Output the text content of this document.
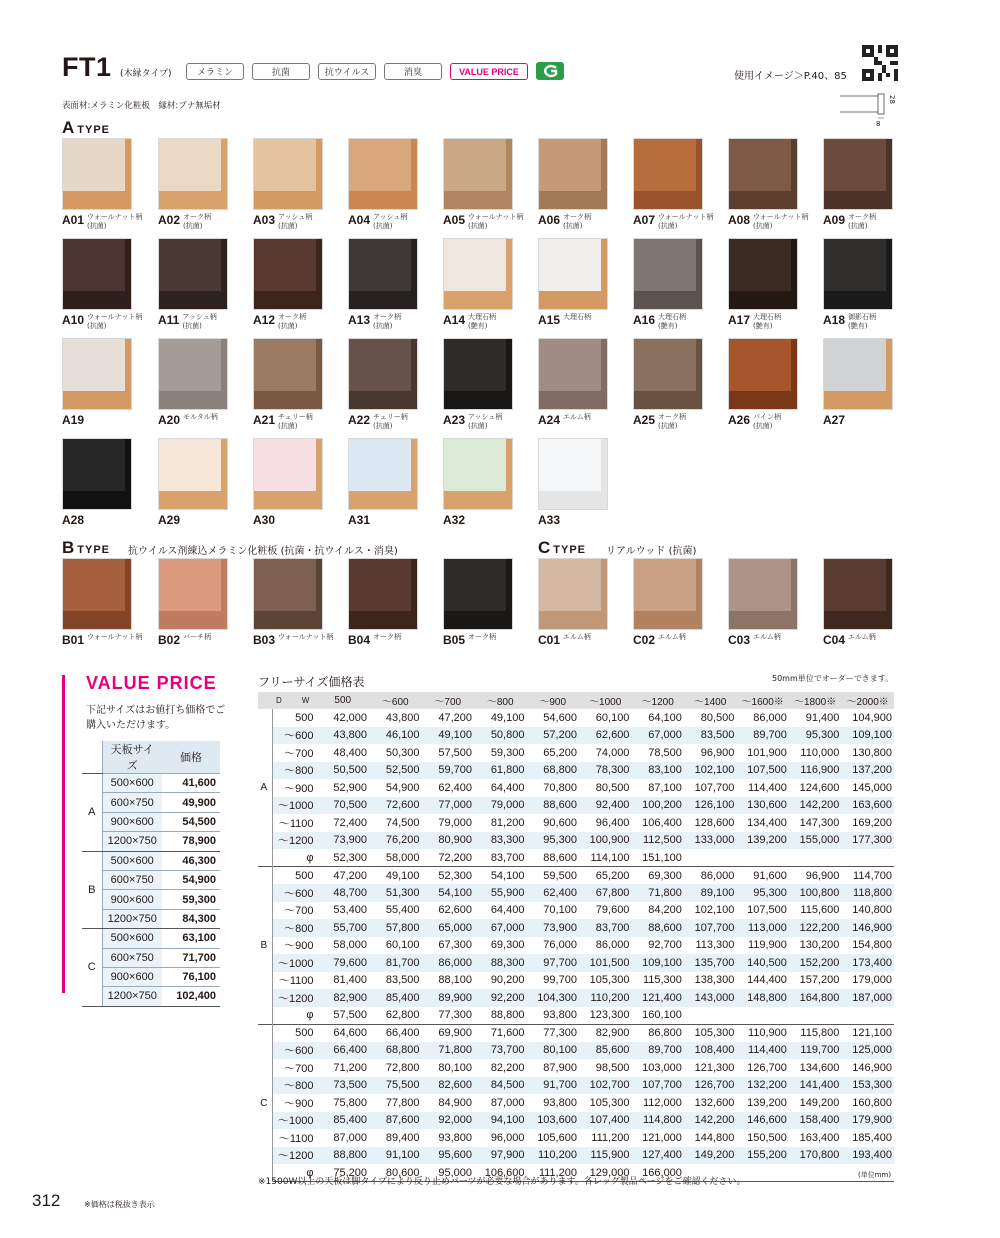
FT1 (木縁タイプ)	メラミン	抗菌	抗ウイルス	消臭	VALUE PRICE	使用イメージ＞P.40、85
28
8
表面材:メラミン化粧板　縁材:ブナ無垢材
ATYPE
BTYPE 抗ウイルス剤練込メラミン化粧板 (抗菌・抗ウイルス・消臭)	CTYPE リアルウッド (抗菌)
A01 ウォールナット柄
(抗菌)	A02 オーク柄
(抗菌)	A03 アッシュ柄
(抗菌)	A04 アッシュ柄
(抗菌)	A05 ウォールナット柄
(抗菌)	A06 オーク柄
(抗菌)	A07 ウォールナット柄
(抗菌)	A08 ウォールナット柄
(抗菌)	A09 オーク柄
(抗菌)
A10 ウォールナット柄
(抗菌)	A11 アッシュ柄
(抗菌)	A12 オーク柄
(抗菌)	A13 オーク柄
(抗菌)	A14 大理石柄
(艶有)	A15 大理石柄	A16 大理石柄
(艶有)	A17 大理石柄
(艶有)	A18 御影石柄
(艶有)
A19	A20 モルタル柄	A21 チェリー柄
(抗菌)	A22 チェリー柄
(抗菌)	A23 アッシュ柄
(抗菌)	A24 エルム柄	A25 オーク柄
(抗菌)	A26 パイン柄
(抗菌)	A27
A28	A29	A30	A31	A32	A33
B01 ウォールナット柄 B02 バーチ柄	B03 ウォールナット柄 B04 オーク柄	B05 オーク柄	C01 エルム柄	C02 エルム柄	C03 エルム柄	C04 エルム柄
VALUE PRICE
下記サイズはお値打ち価格でご購入いただけます。
	天板サイズ	価格
A	500×600	41,600
	600×750	49,900
	900×600	54,500
	1200×750	78,900
B	500×600	46,300
	600×750	54,900
	900×600	59,300
	1200×750	84,300
C	500×600	63,100
	600×750	71,700
	900×600	76,100
	1200×750	102,400
フリーサイズ価格表	50mm単位でオーダーできます。
D W		500	～600	～700	～800	～900	～1000	～1200	～1400	～1600※	～1800※	～2000※
A	500	42,000	43,800	47,200	49,100	54,600	60,100	64,100	80,500	86,000	91,400	104,900
	～600	43,800	46,100	49,100	50,800	57,200	62,600	67,000	83,500	89,700	95,300	109,100
	～700	48,400	50,300	57,500	59,300	65,200	74,000	78,500	96,900	101,900	110,000	130,800
	～800	50,500	52,500	59,700	61,800	68,800	78,300	83,100	102,100	107,500	116,900	137,200
	～900	52,900	54,900	62,400	64,400	70,800	80,500	87,100	107,700	114,400	124,600	145,000
	～1000	70,500	72,600	77,000	79,000	88,600	92,400	100,200	126,100	130,600	142,200	163,600
	～1100	72,400	74,500	79,000	81,200	90,600	96,400	106,400	128,600	134,400	147,300	169,200
	～1200	73,900	76,200	80,900	83,300	95,300	100,900	112,500	133,000	139,200	155,000	177,300
	φ	52,300	58,000	72,200	83,700	88,600	114,100	151,100				
B	500	47,200	49,100	52,300	54,100	59,500	65,200	69,300	86,000	91,600	96,900	114,700
	～600	48,700	51,300	54,100	55,900	62,400	67,800	71,800	89,100	95,300	100,800	118,800
	～700	53,400	55,400	62,600	64,400	70,100	79,600	84,200	102,100	107,500	115,600	140,800
	～800	55,700	57,800	65,000	67,000	73,900	83,700	88,600	107,700	113,000	122,200	146,900
	～900	58,000	60,100	67,300	69,300	76,000	86,000	92,700	113,300	119,900	130,200	154,800
	～1000	79,600	81,700	86,000	88,300	97,700	101,500	109,100	135,700	140,500	152,200	173,400
	～1100	81,400	83,500	88,100	90,200	99,700	105,300	115,300	138,300	144,400	157,200	179,000
	～1200	82,900	85,400	89,900	92,200	104,300	110,200	121,400	143,000	148,800	164,800	187,000
	φ	57,500	62,800	77,300	88,800	93,800	123,300	160,100				
C	500	64,600	66,400	69,900	71,600	77,300	82,900	86,800	105,300	110,900	115,800	121,100
	～600	66,400	68,800	71,800	73,700	80,100	85,600	89,700	108,400	114,400	119,700	125,000
	～700	71,200	72,800	80,100	82,200	87,900	98,500	103,000	121,300	126,700	134,600	146,900
	～800	73,500	75,500	82,600	84,500	91,700	102,700	107,700	126,700	132,200	141,400	153,300
	～900	75,800	77,800	84,900	87,000	93,800	105,300	112,000	132,600	139,200	149,200	160,800
	～1000	85,400	87,600	92,000	94,100	103,600	107,400	114,800	142,200	146,600	158,400	179,900
	～1100	87,000	89,400	93,800	96,000	105,600	111,200	121,000	144,800	150,500	163,400	185,400
	～1200	88,800	91,100	95,600	97,900	110,200	115,900	127,400	149,200	155,200	170,800	193,400
	φ	75,200	80,600	95,000	106,600	111,200	129,000	166,000				
※1500W以上の天板は脚タイプにより反り止めパーツが必要な場合があります。各レッグ製品ページをご確認ください。
(単位mm)
312	※価格は税抜き表示
